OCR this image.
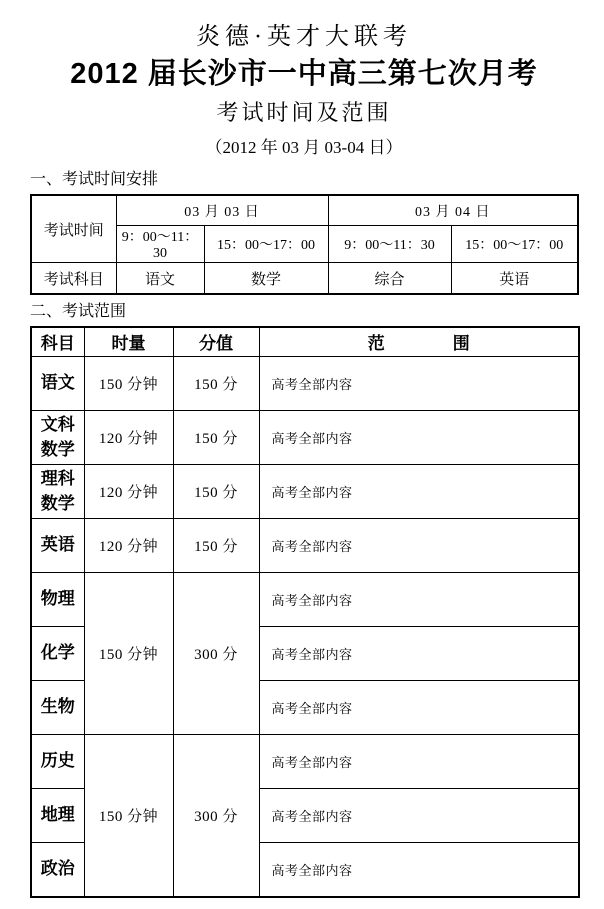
炎德·英才大联考
2012 届长沙市一中高三第七次月考
考试时间及范围
（2012 年 03 月 03-04 日）
一、考试时间安排
考试时间	03 月 03 日		03 月 04 日	
	9：00～11：30	15：00～17：00	9：00～11：30	15：00～17：00
考试科目	语文	数学	综合	英语
二、考试范围
科目	时量	分值	范　　　　围
语文	150 分钟	150 分	高考全部内容
文科数学	120 分钟	150 分	高考全部内容
理科数学	120 分钟	150 分	高考全部内容
英语	120 分钟	150 分	高考全部内容
物理	150 分钟	300 分	高考全部内容
化学			高考全部内容
生物			高考全部内容
历史	150 分钟	300 分	高考全部内容
地理			高考全部内容
政治			高考全部内容
